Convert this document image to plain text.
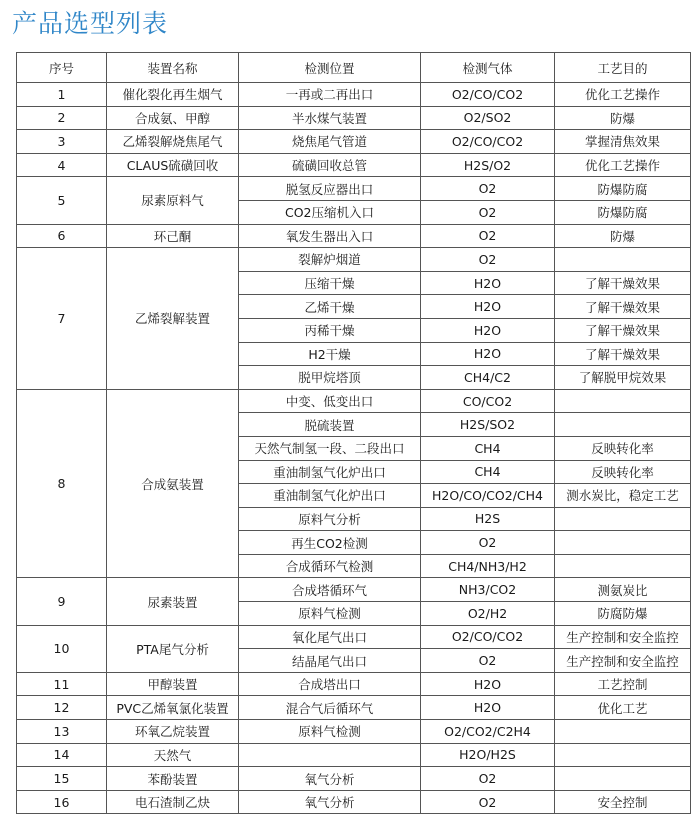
产品选型列表
序号	装置名称	检测位置	检测气体	工艺目的
1	催化裂化再生烟气	一再或二再出口	O2/CO/CO2	优化工艺操作
2	合成氨、甲醇	半水煤气装置	O2/SO2	防爆
3	乙烯裂解烧焦尾气	烧焦尾气管道	O2/CO/CO2	掌握清焦效果
4	CLAUS硫磺回收	硫磺回收总管	H2S/O2	优化工艺操作
5	尿素原料气	脱氢反应器出口	O2	防爆防腐
		CO2压缩机入口	O2	防爆防腐
6	环己酮	氧发生器出入口	O2	防爆
7	乙烯裂解装置	裂解炉烟道	O2	
		压缩干燥	H2O	了解干燥效果
		乙烯干燥	H2O	了解干燥效果
		丙稀干燥	H2O	了解干燥效果
		H2干燥	H2O	了解干燥效果
		脱甲烷塔顶	CH4/C2	了解脱甲烷效果
8	合成氨装置	中变、低变出口	CO/CO2	
		脱硫装置	H2S/SO2	
		天然气制氢一段、二段出口	CH4	反映转化率
		重油制氢气化炉出口	CH4	反映转化率
		重油制氢气化炉出口	H2O/CO/CO2/CH4	测水炭比，稳定工艺
		原料气分析	H2S	
		再生CO2检测	O2	
		合成循环气检测	CH4/NH3/H2	
9	尿素装置	合成塔循环气	NH3/CO2	测氨炭比
		原料气检测	O2/H2	防腐防爆
10	PTA尾气分析	氧化尾气出口	O2/CO/CO2	生产控制和安全监控
		结晶尾气出口	O2	生产控制和安全监控
11	甲醇装置	合成塔出口	H2O	工艺控制
12	PVC乙烯氧氯化装置	混合气后循环气	H2O	优化工艺
13	环氧乙烷装置	原料气检测	O2/CO2/C2H4	
14	天然气		H2O/H2S	
15	苯酚装置	氧气分析	O2	
16	电石渣制乙炔	氧气分析	O2	安全控制
